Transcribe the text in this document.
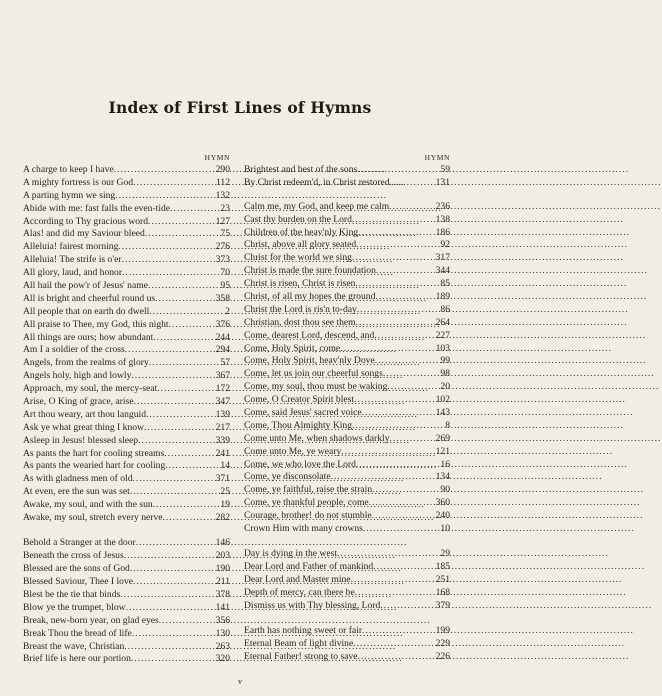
Index of First Lines of Hymns
HYMN
A charge to keep I have .....	290
A mighty fortress is our God .....	112
A parting hymn we sing .....	132
Abide with me: fast falls the even-tide .....	23
According to Thy gracious word .....	127
Alas! and did my Saviour bleed .....	75
Alleluia! fairest morning .....	276
Alleluia! The strife is o'er .....	373
All glory, laud, and honor .....	70
All hail the pow'r of Jesus' name .....	95
All is bright and cheerful round us .....	358
All people that on earth do dwell .....	2
All praise to Thee, my God, this night .....	376
All things are ours; how abundant .....	244
Am I a soldier of the cross .....	294
Angels, from the realms of glory .....	57
Angels holy, high and lowly .....	367
Approach, my soul, the mercy-seat .....	172
Arise, O King of grace, arise .....	347
Art thou weary, art thou languid .....	139
Ask ye what great thing I know .....	217
Asleep in Jesus! blessed sleep .....	339
As pants the hart for cooling streams .....	241
As pants the wearied hart for cooling .....	14
As with gladness men of old .....	371
At even, ere the sun was set .....	25
Awake, my soul, and with the sun .....	19
Awake, my soul, stretch every nerve .....	282
Behold a Stranger at the door .....	146
Beneath the cross of Jesus .....	203
Blessed are the sons of God .....	190
Blessed Saviour, Thee I love .....	211
Blest be the tie that binds .....	378
Blow ye the trumpet, blow .....	141
Break, new-born year, on glad eyes .....	356
Break Thou the bread of life .....	130
Breast the wave, Christian .....	263
Brief life is here our portion .....	320
HYMN
Brightest and best of the sons .....	59
By Christ redeem'd, in Christ restored .....	131
Calm me, my God, and keep me calm .....	236
Cast thy burden on the Lord .....	138
Children of the heav'nly King .....	186
Christ, above all glory seated .....	92
Christ for the world we sing .....	317
Christ is made the sure foundation .....	344
Christ is risen, Christ is risen .....	85
Christ, of all my hopes the ground .....	189
Christ the Lord is ris'n to-day .....	86
Christian, dost thou see them .....	264
Come, dearest Lord, descend, and .....	227
Come, Holy Spirit, come .....	103
Come, Holy Spirit, heav'nly Dove .....	99
Come, let us join our cheerful songs .....	98
Come, my soul, thou must be waking .....	20
Come, O Creator Spirit blest .....	102
Come, said Jesus' sacred voice .....	143
Come, Thou Almighty King .....	8
Come unto Me, when shadows darkly .....	269
Come unto Me, ye weary .....	121
Come, we who love the Lord .....	16
Come, ye disconsolate .....	134
Come, ye faithful, raise the strain .....	90
Come, ye thankful people, come .....	360
Courage, brother! do not stumble .....	240
Crown Him with many crowns .....	10
Day is dying in the west .....	29
Dear Lord and Father of mankind .....	185
Dear Lord and Master mine .....	251
Depth of mercy, can there be .....	168
Dismiss us with Thy blessing, Lord .....	379
Earth has nothing sweet or fair .....	199
Eternal Beam of light divine .....	229
Eternal Father! strong to save .....	226
v
